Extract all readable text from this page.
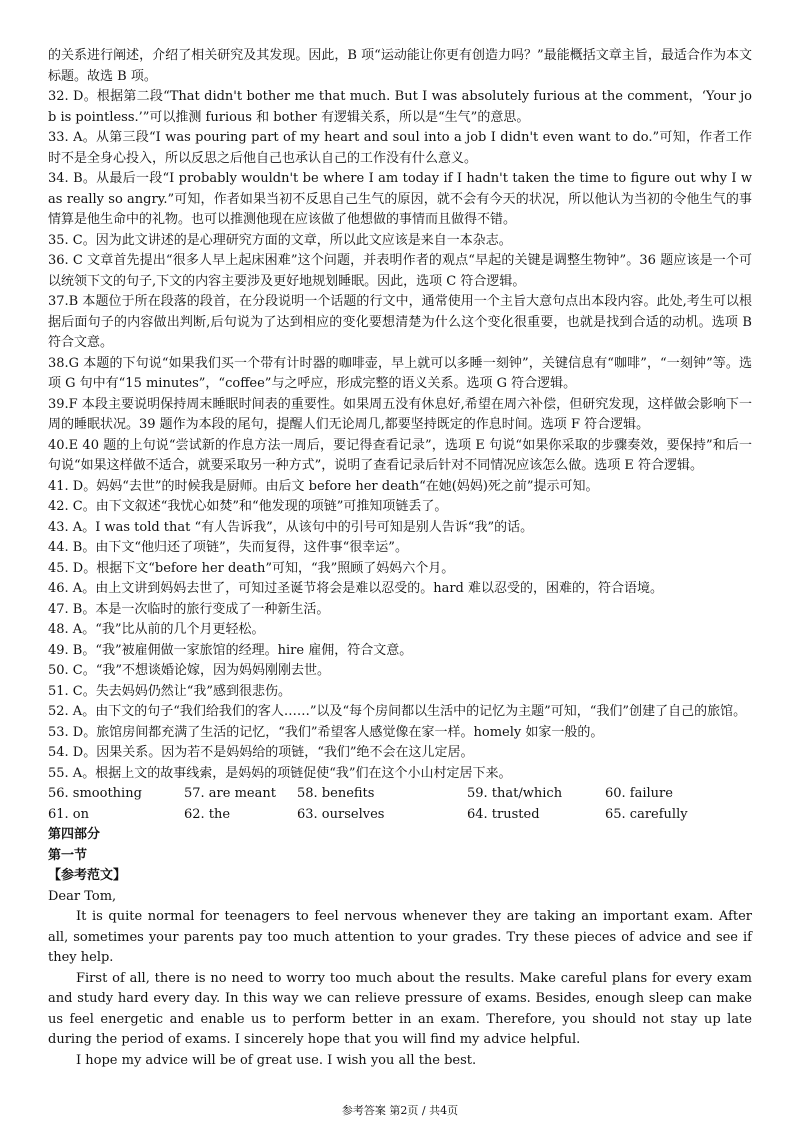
的关系进行阐述，介绍了相关研究及其发现。因此，B 项“运动能让你更有创造力吗？”最能概括文章主旨，最适合作为本文标题。故选 B 项。

32. D。根据第二段“That didn't bother me that much. But I was absolutely furious at the comment，‘Your job is pointless.’”可以推测 furious 和 bother 有逻辑关系，所以是“生气”的意思。

33. A。从第三段“I was pouring part of my heart and soul into a job I didn't even want to do.”可知，作者工作时不是全身心投入，所以反思之后他自己也承认自己的工作没有什么意义。

34. B。从最后一段“I probably wouldn't be where I am today if I hadn't taken the time to figure out why I was really so angry.”可知，作者如果当初不反思自己生气的原因，就不会有今天的状况，所以他认为当初的令他生气的事情算是他生命中的礼物。也可以推测他现在应该做了他想做的事情而且做得不错。

35. C。因为此文讲述的是心理研究方面的文章，所以此文应该是来自一本杂志。

36. C 文章首先提出“很多人早上起床困难”这个问题，并表明作者的观点“早起的关键是调整生物钟”。36 题应该是一个可以统领下文的句子,下文的内容主要涉及更好地规划睡眠。因此，选项 C 符合逻辑。

37.B 本题位于所在段落的段首，在分段说明一个话题的行文中，通常使用一个主旨大意句点出本段内容。此处,考生可以根据后面句子的内容做出判断,后句说为了达到相应的变化要想清楚为什么这个变化很重要，也就是找到合适的动机。选项 B 符合文意。

38.G 本题的下句说“如果我们买一个带有计时器的咖啡壶，早上就可以多睡一刻钟”，关键信息有“咖啡”，“一刻钟”等。选项 G 句中有“15 minutes”，“coffee”与之呼应，形成完整的语义关系。选项 G 符合逻辑。

39.F 本段主要说明保持周末睡眠时间表的重要性。如果周五没有休息好,希望在周六补偿，但研究发现，这样做会影响下一周的睡眠状况。39 题作为本段的尾句，提醒人们无论周几,都要坚持既定的作息时间。选项 F 符合逻辑。

40.E 40 题的上句说“尝试新的作息方法一周后，要记得查看记录”，选项 E 句说“如果你采取的步骤奏效，要保持”和后一句说“如果这样做不适合，就要采取另一种方式”，说明了查看记录后针对不同情况应该怎么做。选项 E 符合逻辑。

41. D。妈妈“去世”的时候我是厨师。由后文 before her death“在她(妈妈)死之前”提示可知。

42. C。由下文叙述“我忧心如焚”和“他发现的项链”可推知项链丢了。

43. A。I was told that “有人告诉我”，从该句中的引号可知是别人告诉“我”的话。

44. B。由下文“他归还了项链”，失而复得，这件事“很幸运”。

45. D。根据下文“before her death”可知，“我”照顾了妈妈六个月。

46. A。由上文讲到妈妈去世了，可知过圣诞节将会是难以忍受的。hard 难以忍受的，困难的，符合语境。

47. B。本是一次临时的旅行变成了一种新生活。

48. A。“我”比从前的几个月更轻松。

49. B。“我”被雇佣做一家旅馆的经理。hire 雇佣，符合文意。

50. C。“我”不想谈婚论嫁，因为妈妈刚刚去世。

51. C。失去妈妈仍然让“我”感到很悲伤。

52. A。由下文的句子“我们给我们的客人……”以及“每个房间都以生活中的记忆为主题”可知，“我们”创建了自己的旅馆。

53. D。旅馆房间都充满了生活的记忆，“我们”希望客人感觉像在家一样。homely 如家一般的。

54. D。因果关系。因为若不是妈妈给的项链，“我们”绝不会在这儿定居。

55. A。根据上文的故事线索，是妈妈的项链促使“我”们在这个小山村定居下来。

56. smoothing	57. are meant	58. benefits	59. that/which	60. failure
61. on	62. the	63. ourselves	64. trusted	65. carefully

第四部分

第一节

【参考范文】

Dear Tom,

It is quite normal for teenagers to feel nervous whenever they are taking an important exam. After all, sometimes your parents pay too much attention to your grades. Try these pieces of advice and see if they help.

First of all, there is no need to worry too much about the results. Make careful plans for every exam and study hard every day. In this way we can relieve pressure of exams. Besides, enough sleep can make us feel energetic and enable us to perform better in an exam. Therefore, you should not stay up late during the period of exams. I sincerely hope that you will find my advice helpful.

I hope my advice will be of great use. I wish you all the best.

参考答案 第2页 / 共4页
